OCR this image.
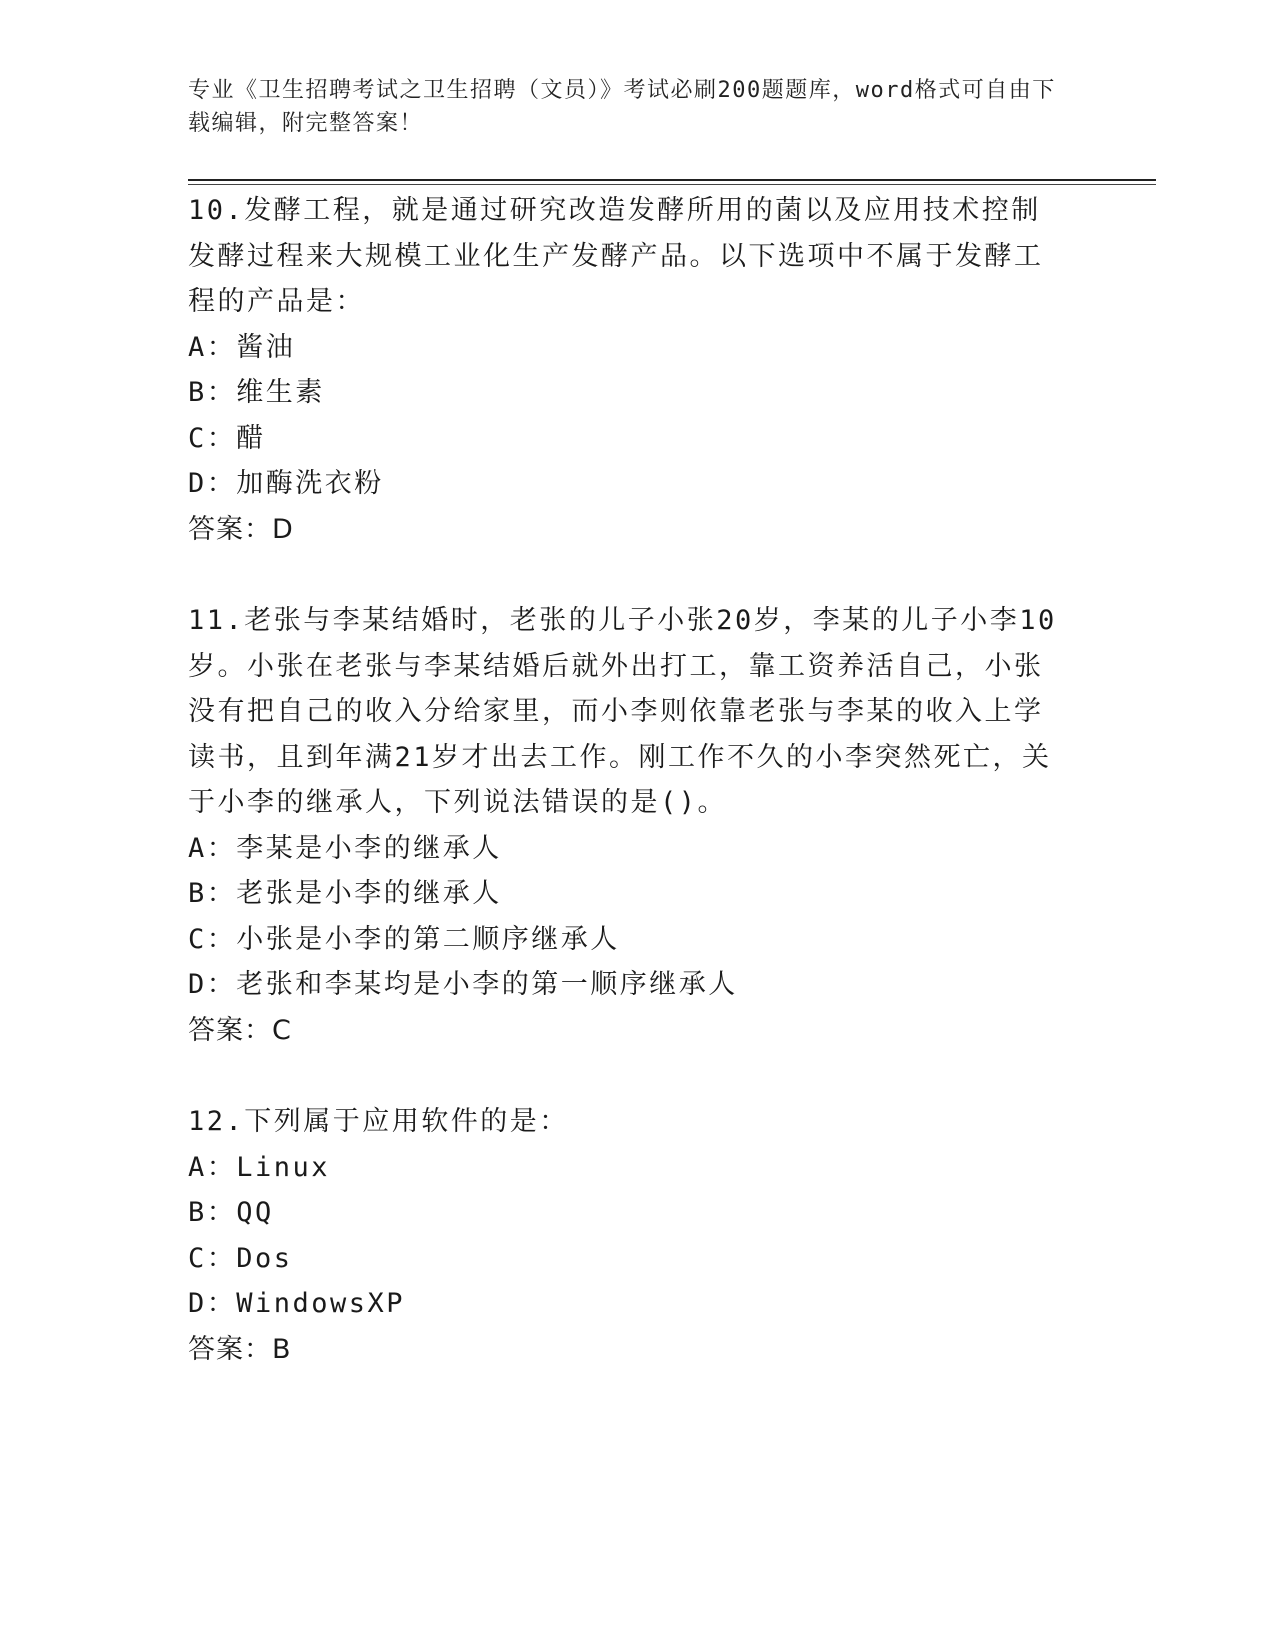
专业《卫生招聘考试之卫生招聘（文员）》考试必刷200题题库，word格式可自由下载编辑，附完整答案！

10.发酵工程，就是通过研究改造发酵所用的菌以及应用技术控制发酵过程来大规模工业化生产发酵产品。以下选项中不属于发酵工程的产品是：

A：酱油

B：维生素

C：醋

D：加酶洗衣粉

答案：D

11.老张与李某结婚时，老张的儿子小张20岁，李某的儿子小李10岁。小张在老张与李某结婚后就外出打工，靠工资养活自己，小张没有把自己的收入分给家里，而小李则依靠老张与李某的收入上学读书，且到年满21岁才出去工作。刚工作不久的小李突然死亡，关于小李的继承人，下列说法错误的是()。

A：李某是小李的继承人

B：老张是小李的继承人

C：小张是小李的第二顺序继承人

D：老张和李某均是小李的第一顺序继承人

答案：C

12.下列属于应用软件的是：

A：Linux

B：QQ

C：Dos

D：WindowsXP

答案：B
